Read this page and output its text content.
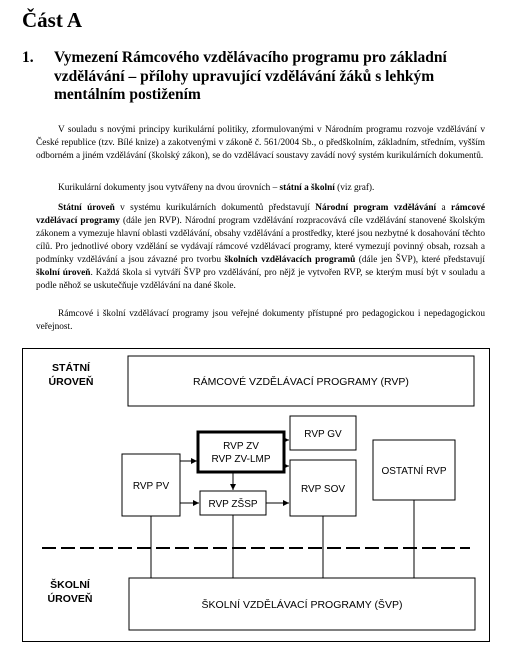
Část A
1. Vymezení Rámcového vzdělávacího programu pro základní vzdělávání – přílohy upravující vzdělávání žáků s lehkým mentálním postižením

V souladu s novými principy kurikulární politiky, zformulovanými v Národním programu rozvoje vzdělávání v České republice (tzv. Bílé knize) a zakotvenými v zákoně č. 561/2004 Sb., o předškolním, základním, středním, vyšším odborném a jiném vzdělávání (školský zákon), se do vzdělávací soustavy zavádí nový systém kurikulárních dokumentů.

Kurikulární dokumenty jsou vytvářeny na dvou úrovních – státní a školní (viz graf).

Státní úroveň v systému kurikulárních dokumentů představují Národní program vzdělávání a rámcové vzdělávací programy (dále jen RVP). Národní program vzdělávání rozpracovává cíle vzdělávání stanovené školským zákonem a vymezuje hlavní oblasti vzdělávání, obsahy vzdělávání a prostředky, které jsou nezbytné k dosahování těchto cílů. Pro jednotlivé obory vzdělání se vydávají rámcové vzdělávací programy, které vymezují povinný obsah, rozsah a podmínky vzdělávání a jsou závazné pro tvorbu školních vzdělávacích programů (dále jen ŠVP), které představují školní úroveň. Každá škola si vytváří ŠVP pro vzdělávání, pro nějž je vytvořen RVP, se kterým musí být v souladu a podle něhož se uskutečňuje vzdělávání na dané škole.

Rámcové i školní vzdělávací programy jsou veřejné dokumenty přístupné pro pedagogickou i nepedagogickou veřejnost.

STÁTNÍ
ÚROVEŇ
ŠKOLNÍ
ÚROVEŇ
RÁMCOVÉ VZDĚLÁVACÍ PROGRAMY (RVP)
RVP ZV
RVP ZV-LMP
RVP GV
RVP PV	RVP SOV
OSTATNÍ RVP
RVP ZŠSP
ŠKOLNÍ VZDĚLÁVACÍ PROGRAMY (ŠVP)
